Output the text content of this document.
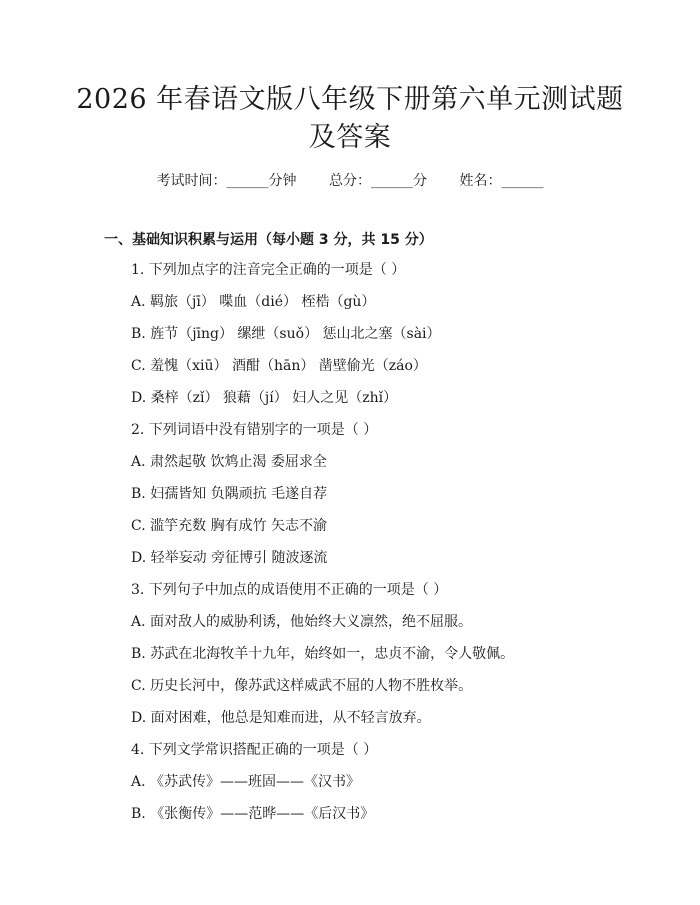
2026 年春语文版八年级下册第六单元测试题
及答案
考试时间：______分钟 总分：______分 姓名：______
一、基础知识积累与运用（每小题 3 分，共 15 分）
1. 下列加点字的注音完全正确的一项是（ ）
A. 羁旅（jī） 喋血（dié） 桎梏（gù）
B. 旌节（jīng） 缧绁（suǒ） 惩山北之塞（sài）
C. 羞愧（xiū） 酒酣（hān） 凿壁偷光（záo）
D. 桑梓（zǐ） 狼藉（jí） 妇人之见（zhǐ）
2. 下列词语中没有错别字的一项是（ ）
A. 肃然起敬 饮鸩止渴 委屈求全
B. 妇孺皆知 负隅顽抗 毛遂自荐
C. 滥竽充数 胸有成竹 矢志不渝
D. 轻举妄动 旁征博引 随波逐流
3. 下列句子中加点的成语使用不正确的一项是（ ）
A. 面对敌人的威胁利诱，他始终大义凛然，绝不屈服。
B. 苏武在北海牧羊十九年，始终如一，忠贞不渝，令人敬佩。
C. 历史长河中，像苏武这样威武不屈的人物不胜枚举。
D. 面对困难，他总是知难而进，从不轻言放弃。
4. 下列文学常识搭配正确的一项是（ ）
A. 《苏武传》——班固——《汉书》
B. 《张衡传》——范晔——《后汉书》
